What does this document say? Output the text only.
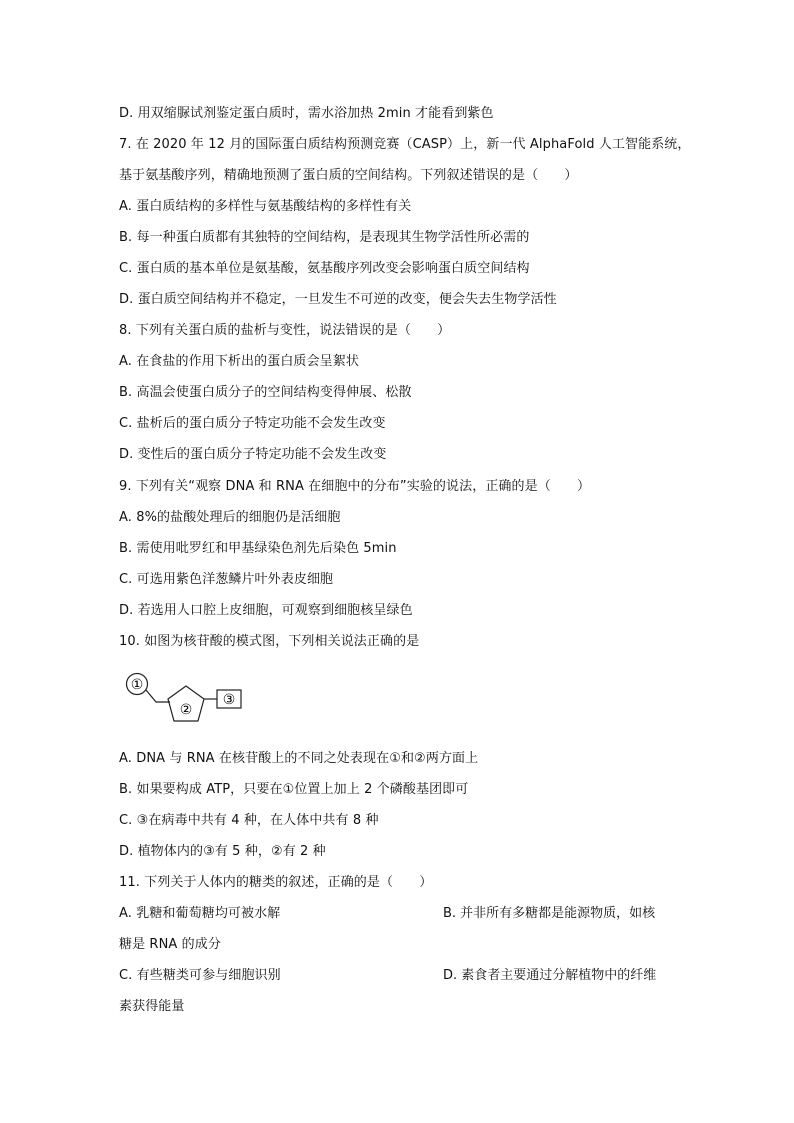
D. 用双缩脲试剂鉴定蛋白质时，需水浴加热 2min 才能看到紫色
7. 在 2020 年 12 月的国际蛋白质结构预测竞赛（CASP）上，新一代 AlphaFold 人工智能系统，
基于氨基酸序列，精确地预测了蛋白质的空间结构。下列叙述错误的是（　　）
A. 蛋白质结构的多样性与氨基酸结构的多样性有关
B. 每一种蛋白质都有其独特的空间结构，是表现其生物学活性所必需的
C. 蛋白质的基本单位是氨基酸，氨基酸序列改变会影响蛋白质空间结构
D. 蛋白质空间结构并不稳定，一旦发生不可逆的改变，便会失去生物学活性
8. 下列有关蛋白质的盐析与变性，说法错误的是（　　）
A. 在食盐的作用下析出的蛋白质会呈絮状
B. 高温会使蛋白质分子的空间结构变得伸展、松散
C. 盐析后的蛋白质分子特定功能不会发生改变
D. 变性后的蛋白质分子特定功能不会发生改变
9. 下列有关“观察 DNA 和 RNA 在细胞中的分布”实验的说法，正确的是（　　）
A. 8%的盐酸处理后的细胞仍是活细胞
B. 需使用吡罗红和甲基绿染色剂先后染色 5min
C. 可选用紫色洋葱鳞片叶外表皮细胞
D. 若选用人口腔上皮细胞，可观察到细胞核呈绿色
10. 如图为核苷酸的模式图，下列相关说法正确的是
①
②
③
A. DNA 与 RNA 在核苷酸上的不同之处表现在①和②两方面上
B. 如果要构成 ATP，只要在①位置上加上 2 个磷酸基团即可
C. ③在病毒中共有 4 种，在人体中共有 8 种
D. 植物体内的③有 5 种，②有 2 种
11. 下列关于人体内的糖类的叙述，正确的是（　　）
A. 乳糖和葡萄糖均可被水解	B. 并非所有多糖都是能源物质，如核
糖是 RNA 的成分
C. 有些糖类可参与细胞识别	D. 素食者主要通过分解植物中的纤维
素获得能量
